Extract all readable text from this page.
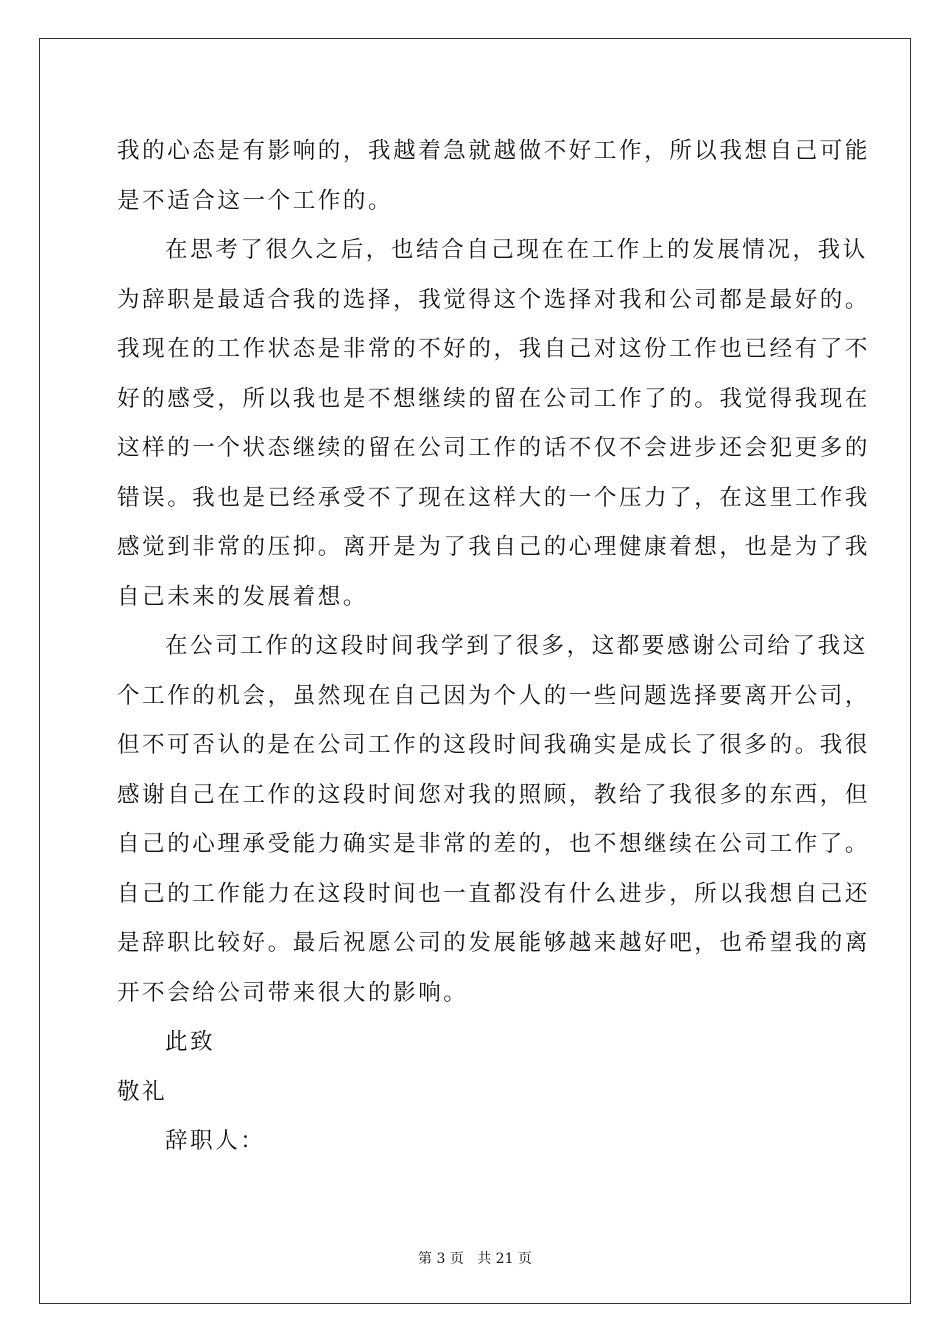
我的心态是有影响的，我越着急就越做不好工作，所以我想自己可能
是不适合这一个工作的。
在思考了很久之后，也结合自己现在在工作上的发展情况，我认
为辞职是最适合我的选择，我觉得这个选择对我和公司都是最好的。
我现在的工作状态是非常的不好的，我自己对这份工作也已经有了不
好的感受，所以我也是不想继续的留在公司工作了的。我觉得我现在
这样的一个状态继续的留在公司工作的话不仅不会进步还会犯更多的
错误。我也是已经承受不了现在这样大的一个压力了，在这里工作我
感觉到非常的压抑。离开是为了我自己的心理健康着想，也是为了我
自己未来的发展着想。
在公司工作的这段时间我学到了很多，这都要感谢公司给了我这
个工作的机会，虽然现在自己因为个人的一些问题选择要离开公司，
但不可否认的是在公司工作的这段时间我确实是成长了很多的。我很
感谢自己在工作的这段时间您对我的照顾，教给了我很多的东西，但
自己的心理承受能力确实是非常的差的，也不想继续在公司工作了。
自己的工作能力在这段时间也一直都没有什么进步，所以我想自己还
是辞职比较好。最后祝愿公司的发展能够越来越好吧，也希望我的离
开不会给公司带来很大的影响。
此致
敬礼
辞职人：
第 3 页 共 21 页
